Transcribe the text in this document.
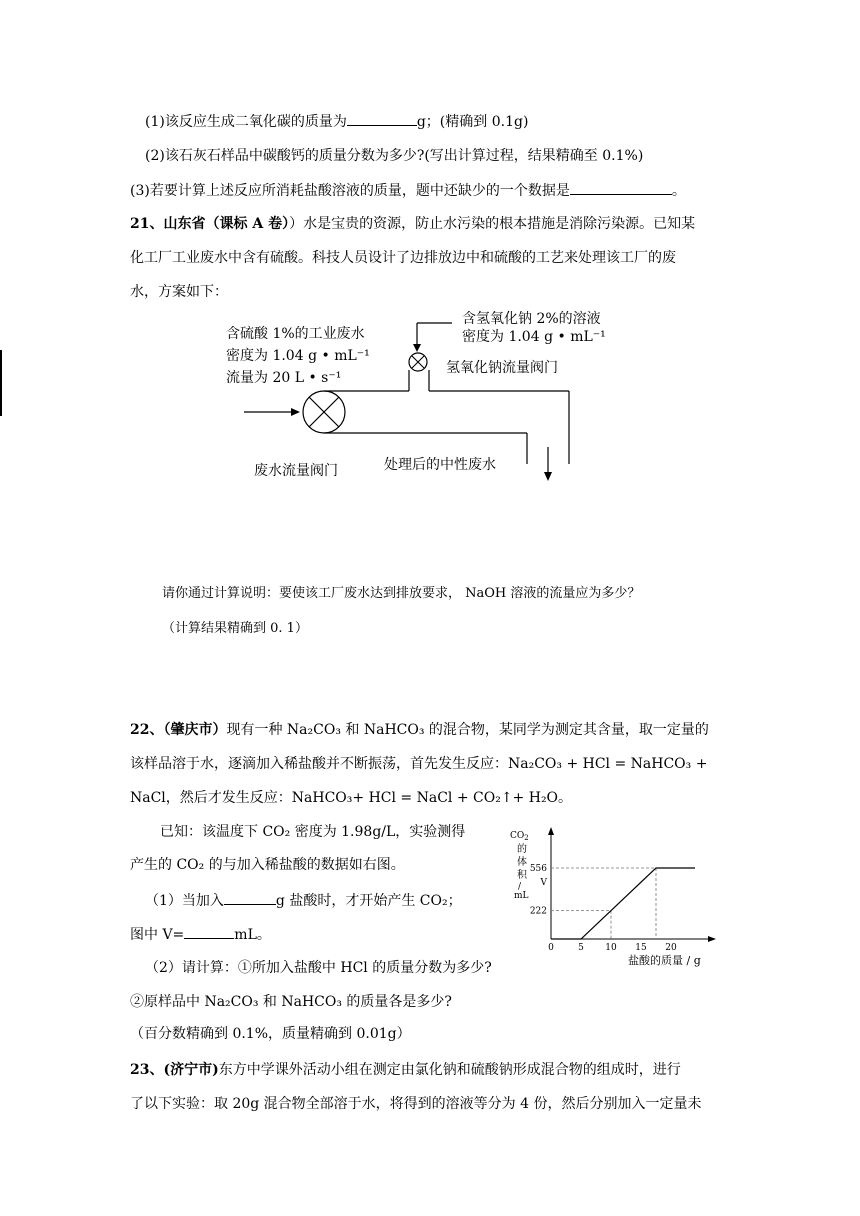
(1)该反应生成二氧化碳的质量为	g；(精确到 0.1g)
(2)该石灰石样品中碳酸钙的质量分数为多少?(写出计算过程，结果精确至 0.1%)
(3)若要计算上述反应所消耗盐酸溶液的质量，题中还缺少的一个数据是	。
21、山东省（课标 A 卷））水是宝贵的资源，防止水污染的根本措施是消除污染源。已知某
化工厂工业废水中含有硫酸。科技人员设计了边排放边中和硫酸的工艺来处理该工厂的废
水，方案如下：
含硫酸 1%的工业废水
密度为 1.04 g • mL⁻¹
流量为 20 L • s⁻¹
含氢氧化钠 2%的溶液
密度为 1.04 g • mL⁻¹
氢氧化钠流量阀门
废水流量阀门	处理后的中性废水
请你通过计算说明：要使该工厂废水达到排放要求， NaOH 溶液的流量应为多少？
（计算结果精确到 0. 1）
22、（肇庆市）现有一种 Na₂CO₃ 和 NaHCO₃ 的混合物，某同学为测定其含量，取一定量的
该样品溶于水，逐滴加入稀盐酸并不断振荡，首先发生反应：Na₂CO₃ + HCl = NaHCO₃ +
NaCl，然后才发生反应：NaHCO₃+ HCl = NaCl + CO₂↑+ H₂O。
已知：该温度下 CO₂ 密度为 1.98g/L，实验测得
产生的 CO₂ 的与加入稀盐酸的数据如右图。
（1）当加入	g 盐酸时，才开始产生 CO₂；
图中 V=	mL。
（2）请计算：①所加入盐酸中 HCl 的质量分数为多少?
②原样品中 Na₂CO₃ 和 NaHCO₃ 的质量各是多少?
（百分数精确到 0.1%，质量精确到 0.01g）
$CO_2$
的
体
积
/
mL
盐酸的质量 / g
0	5 10 15 20
222
V
556
23、(济宁市)东方中学课外活动小组在测定由氯化钠和硫酸钠形成混合物的组成时，进行
了以下实验：取 20g 混合物全部溶于水，将得到的溶液等分为 4 份，然后分别加入一定量未
